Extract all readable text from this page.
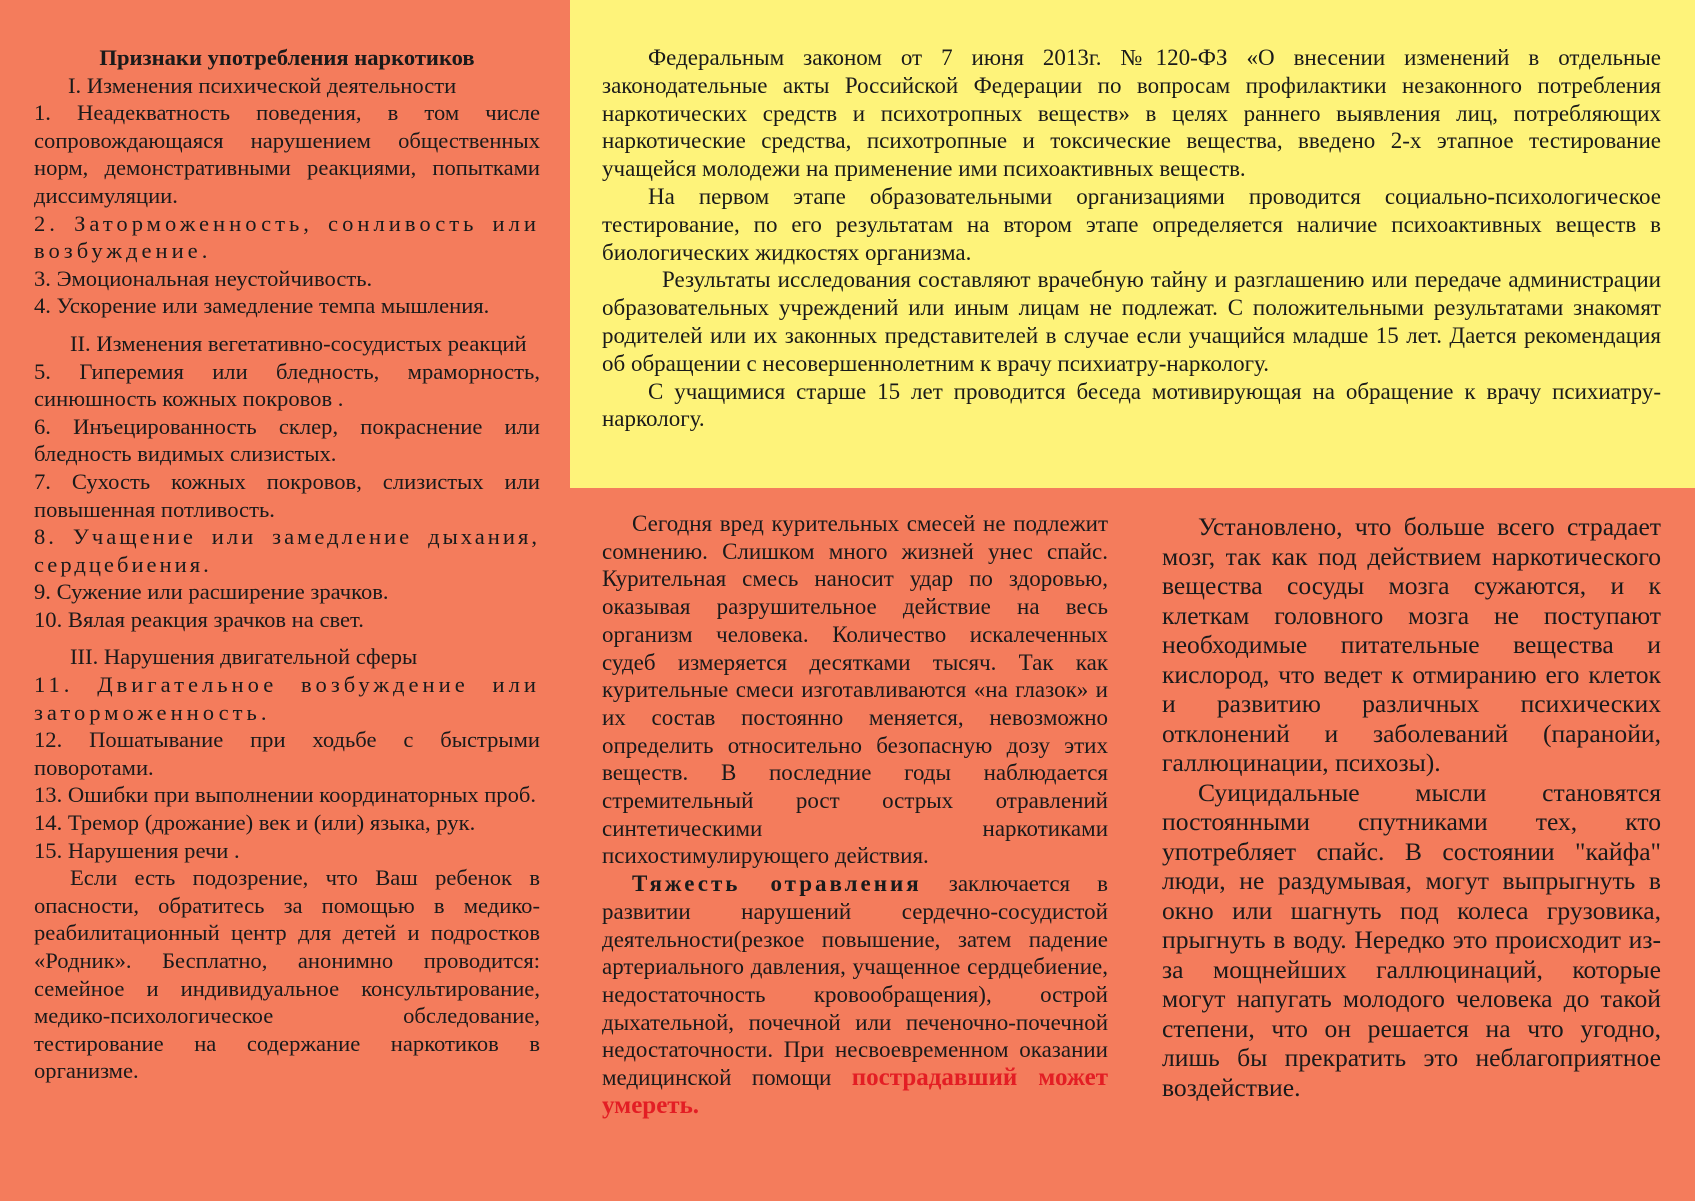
Признаки употребления наркотиков
I. Изменения психической деятельности

1. Неадекватность поведения, в том числе сопровождающаяся нарушением общественных норм, демонстративными реакциями, попытками диссимуляции.

2. Заторможенность, сонливость или возбуждение.

3. Эмоциональная неустойчивость.

4. Ускорение или замедление темпа мышления.

II. Изменения вегетативно-сосудистых реакций

5. Гиперемия или бледность, мраморность, синюшность кожных покровов .

6. Инъецированность склер, покраснение или бледность видимых слизистых.

7. Сухость кожных покровов, слизистых или повышенная потливость.

8. Учащение или замедление дыхания, сердцебиения.

9. Сужение или расширение зрачков.

10. Вялая реакция зрачков на свет.

III. Нарушения двигательной сферы

11. Двигательное возбуждение или заторможенность.

12. Пошатывание при ходьбе с быстрыми поворотами.

13. Ошибки при выполнении координаторных проб.

14. Тремор (дрожание) век и (или) языка, рук.

15. Нарушения речи .

Если есть подозрение, что Ваш ребенок в опасности, обратитесь за помощью в медико-реабилитационный центр для детей и подростков «Родник». Бесплатно, анонимно проводится: семейное и индивидуальное консультирование, медико-психологическое обследование, тестирование на содержание наркотиков в организме.

Федеральным законом от 7 июня 2013г. №120-ФЗ «О внесении изменений в отдельные законодательные акты Российской Федерации по вопросам профилактики незаконного потребления наркотических средств и психотропных веществ» в целях раннего выявления лиц, потребляющих наркотические средства, психотропные и токсические вещества, введено 2-х этапное тестирование учащейся молодежи на применение ими психоактивных веществ.

На первом этапе образовательными организациями проводится социально-психологическое тестирование, по его результатам на втором этапе определяется наличие психоактивных веществ в биологических жидкостях организма.

Результаты исследования составляют врачебную тайну и разглашению или передаче администрации образовательных учреждений или иным лицам не подлежат. С положительными результатами знакомят родителей или их законных представителей в случае если учащийся младше 15 лет. Дается рекомендация об обращении с несовершеннолетним к врачу психиатру-наркологу.

С учащимися старше 15 лет проводится беседа мотивирующая на обращение к врачу психиатру-наркологу.

Сегодня вред курительных смесей не подлежит сомнению. Слишком много жизней унес спайс. Курительная смесь наносит удар по здоровью, оказывая разрушительное действие на весь организм человека. Количество искалеченных судеб измеряется десятками тысяч. Так как курительные смеси изготавливаются «на глазок» и их состав постоянно меняется, невозможно определить относительно безопасную дозу этих веществ. В последние годы наблюдается стремительный рост острых отравлений синтетическими наркотиками психостимулирующего действия.

Тяжесть отравления заключается в развитии нарушений сердечно-сосудистой деятельности(резкое повышение, затем падение артериального давления, учащенное сердцебиение, недостаточность кровообращения), острой дыхательной, почечной или печеночно-почечной недостаточности. При несвоевременном оказании медицинской помощи пострадавший может умереть.

Установлено, что больше всего страдает мозг, так как под действием наркотического вещества сосуды мозга сужаются, и к клеткам головного мозга не поступают необходимые питательные вещества и кислород, что ведет к отмиранию его клеток и развитию различных психических отклонений и заболеваний (паранойи, галлюцинации, психозы).

Суицидальные мысли становятся постоянными спутниками тех, кто употребляет спайс. В состоянии "кайфа" люди, не раздумывая, могут выпрыгнуть в окно или шагнуть под колеса грузовика, прыгнуть в воду. Нередко это происходит из-за мощнейших галлюцинаций, которые могут напугать молодого человека до такой степени, что он решается на что угодно, лишь бы прекратить это неблагоприятное воздействие.
